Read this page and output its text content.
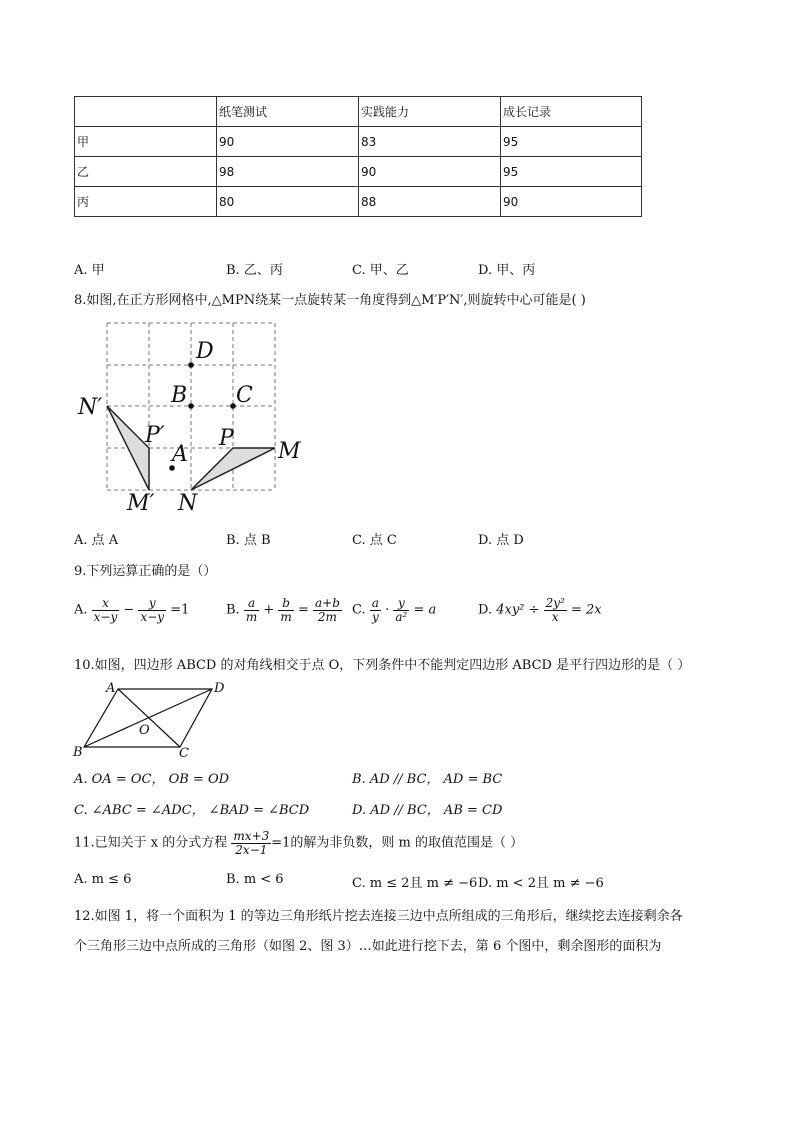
	纸笔测试	实践能力	成长记录
甲	90	83	95
乙	98	90	95
丙	80	88	90
A. 甲	B. 乙、丙	C. 甲、乙	D. 甲、丙
8.如图,在正方形网格中,△MPN绕某一点旋转某一角度得到△M′P′N′,则旋转中心可能是( )
D
B C
A
P
M
N
N′
P′
M′
A. 点 A	B. 点 B	C. 点 C	D. 点 D
9.下列运算正确的是（）
A. $\frac{x}{x-y} - \frac{y}{x-y} =1$	B. $\frac{a}{m} + \frac{b}{m} = \frac{a+b}{2m} C$. $\frac{a}{y} \cdot \frac{y}{\text{a²}} = a$	D. $4xy^2 \div \frac{\text{2y²}}{x} = 2x$
10.如图，四边形 ABCD 的对角线相交于点 O，下列条件中不能判定四边形 ABCD 是平行四边形的是（ ）
A	D
B	C
O
A. OA = OC， OB = OD	B. AD // BC， AD = BC
C. ∠ABC = ∠ADC， ∠BAD = ∠BCD	D. AD // BC， AB = CD
11.已知关于 x 的分式方程 $\frac{mx+3}{2x-1} =1$的解为非负数，则 m 的取值范围是（ ）
A. m ≤ 6	B. m < 6	C. m ≤ 2且 m ≠ −6 D. m < 2且 m ≠ −6
12.如图 1，将一个面积为 1 的等边三角形纸片挖去连接三边中点所组成的三角形后，继续挖去连接剩余各
个三角形三边中点所成的三角形（如图 2、图 3）…如此进行挖下去，第 6 个图中，剩余图形的面积为
